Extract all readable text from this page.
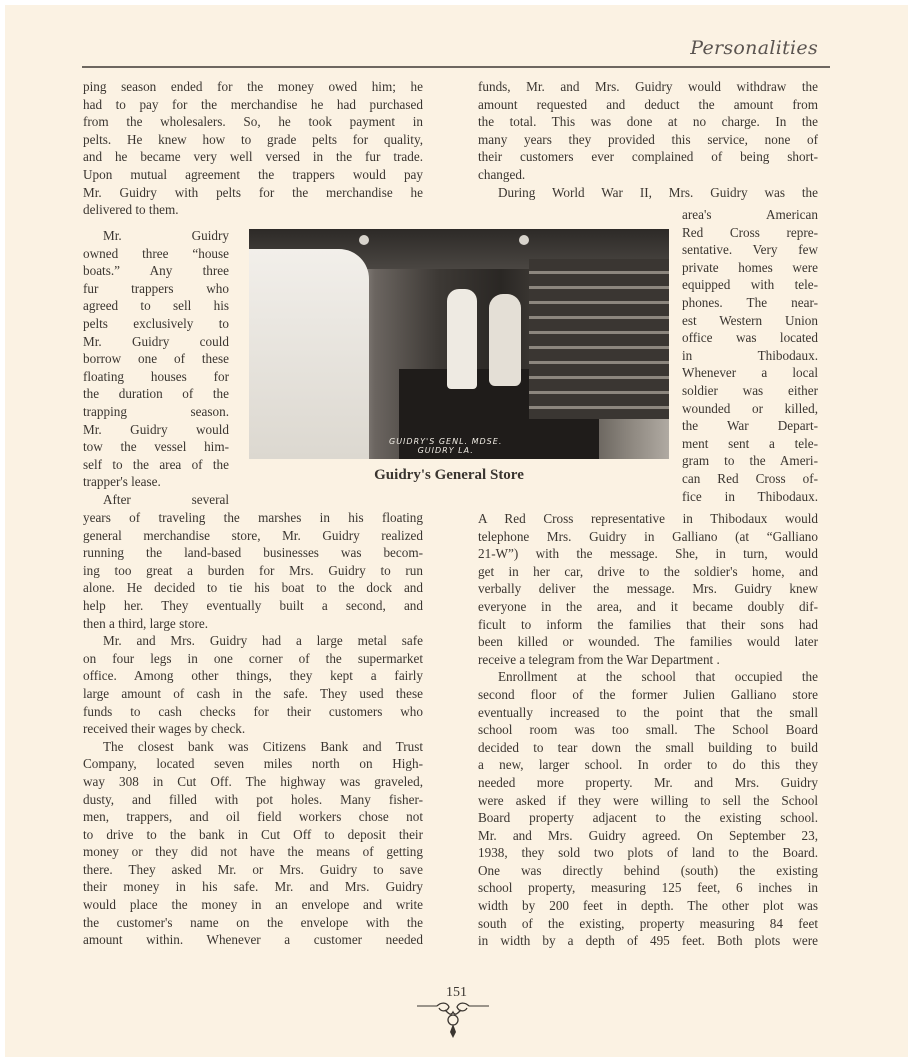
Personalities
ping season ended for the money owed him; he
had to pay for the merchandise he had purchased
from the wholesalers. So, he took payment in
pelts. He knew how to grade pelts for quality,
and he became very well versed in the fur trade.
Upon mutual agreement the trappers would pay
Mr. Guidry with pelts for the merchandise he
delivered to them.
Mr. Guidry
owned three “house
boats.” Any three
fur trappers who
agreed to sell his
pelts exclusively to
Mr. Guidry could
borrow one of these
floating houses for
the duration of the
trapping season.
Mr. Guidry would
tow the vessel him-
self to the area of the
trapper's lease.
After several
years of traveling the marshes in his floating
general merchandise store, Mr. Guidry realized
running the land-based businesses was becom-
ing too great a burden for Mrs. Guidry to run
alone. He decided to tie his boat to the dock and
help her. They eventually built a second, and
then a third, large store.
Mr. and Mrs. Guidry had a large metal safe
on four legs in one corner of the supermarket
office. Among other things, they kept a fairly
large amount of cash in the safe. They used these
funds to cash checks for their customers who
received their wages by check.
The closest bank was Citizens Bank and Trust
Company, located seven miles north on High-
way 308 in Cut Off. The highway was graveled,
dusty, and filled with pot holes. Many fisher-
men, trappers, and oil field workers chose not
to drive to the bank in Cut Off to deposit their
money or they did not have the means of getting
there. They asked Mr. or Mrs. Guidry to save
their money in his safe. Mr. and Mrs. Guidry
would place the money in an envelope and write
the customer's name on the envelope with the
amount within. Whenever a customer needed
GUIDRY'S GENL. MDSE.
GUIDRY LA.
Guidry's General Store
funds, Mr. and Mrs. Guidry would withdraw the
amount requested and deduct the amount from
the total. This was done at no charge. In the
many years they provided this service, none of
their customers ever complained of being short-
changed.
During World War II, Mrs. Guidry was the
area's American
Red Cross repre-
sentative. Very few
private homes were
equipped with tele-
phones. The near-
est Western Union
office was located
in Thibodaux.
Whenever a local
soldier was either
wounded or killed,
the War Depart-
ment sent a tele-
gram to the Ameri-
can Red Cross of-
fice in Thibodaux.
A Red Cross representative in Thibodaux would
telephone Mrs. Guidry in Galliano (at “Galliano
21-W”) with the message. She, in turn, would
get in her car, drive to the soldier's home, and
verbally deliver the message. Mrs. Guidry knew
everyone in the area, and it became doubly dif-
ficult to inform the families that their sons had
been killed or wounded. The families would later
receive a telegram from the War Department .
Enrollment at the school that occupied the
second floor of the former Julien Galliano store
eventually increased to the point that the small
school room was too small. The School Board
decided to tear down the small building to build
a new, larger school. In order to do this they
needed more property. Mr. and Mrs. Guidry
were asked if they were willing to sell the School
Board property adjacent to the existing school.
Mr. and Mrs. Guidry agreed. On September 23,
1938, they sold two plots of land to the Board.
One was directly behind (south) the existing
school property, measuring 125 feet, 6 inches in
width by 200 feet in depth. The other plot was
south of the existing, property measuring 84 feet
in width by a depth of 495 feet. Both plots were
151
